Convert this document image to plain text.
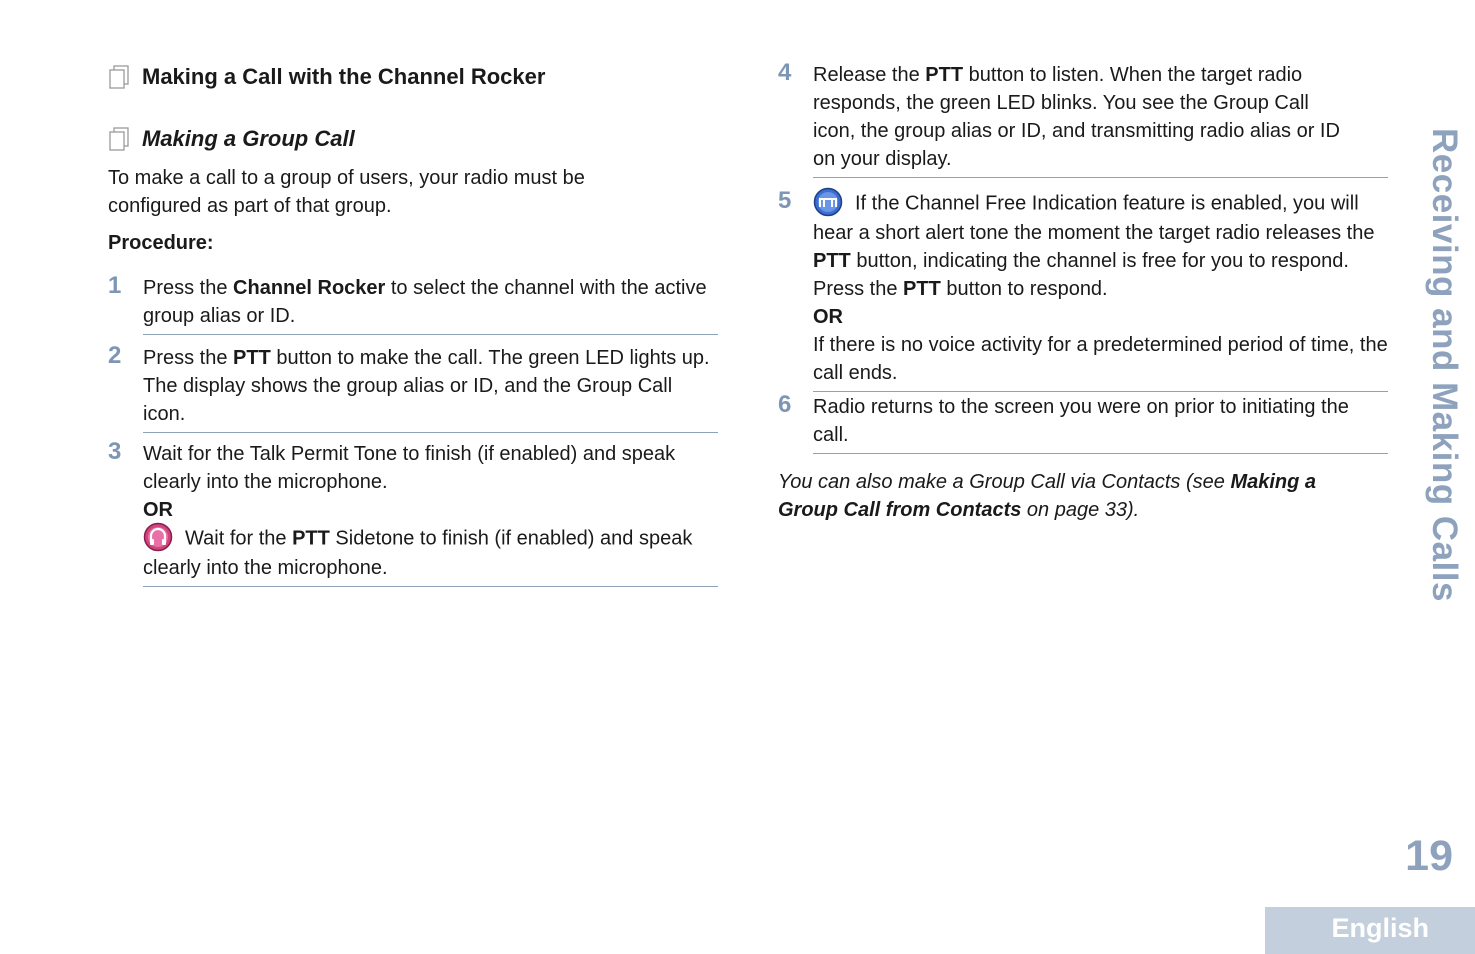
Making a Call with the Channel Rocker
Making a Group Call
To make a call to a group of users, your radio must be configured as part of that group.
Procedure:
1 Press the Channel Rocker to select the channel with the active group alias or ID.
2 Press the PTT button to make the call. The green LED lights up. The display shows the group alias or ID, and the Group Call icon.
3 Wait for the Talk Permit Tone to finish (if enabled) and speak clearly into the microphone.
OR
Wait for the PTT Sidetone to finish (if enabled) and speak clearly into the microphone.
4 Release the PTT button to listen. When the target radio responds, the green LED blinks. You see the Group Call icon, the group alias or ID, and transmitting radio alias or ID on your display.
5	If the Channel Free Indication feature is enabled, you will hear a short alert tone the moment the target radio releases the PTT button, indicating the channel is free for you to respond. Press the PTT button to respond.
OR
If there is no voice activity for a predetermined period of time, the call ends.
6 Radio returns to the screen you were on prior to initiating the call.
You can also make a Group Call via Contacts (see Making a Group Call from Contacts on page 33).	Receiving and Making Calls
19
English
